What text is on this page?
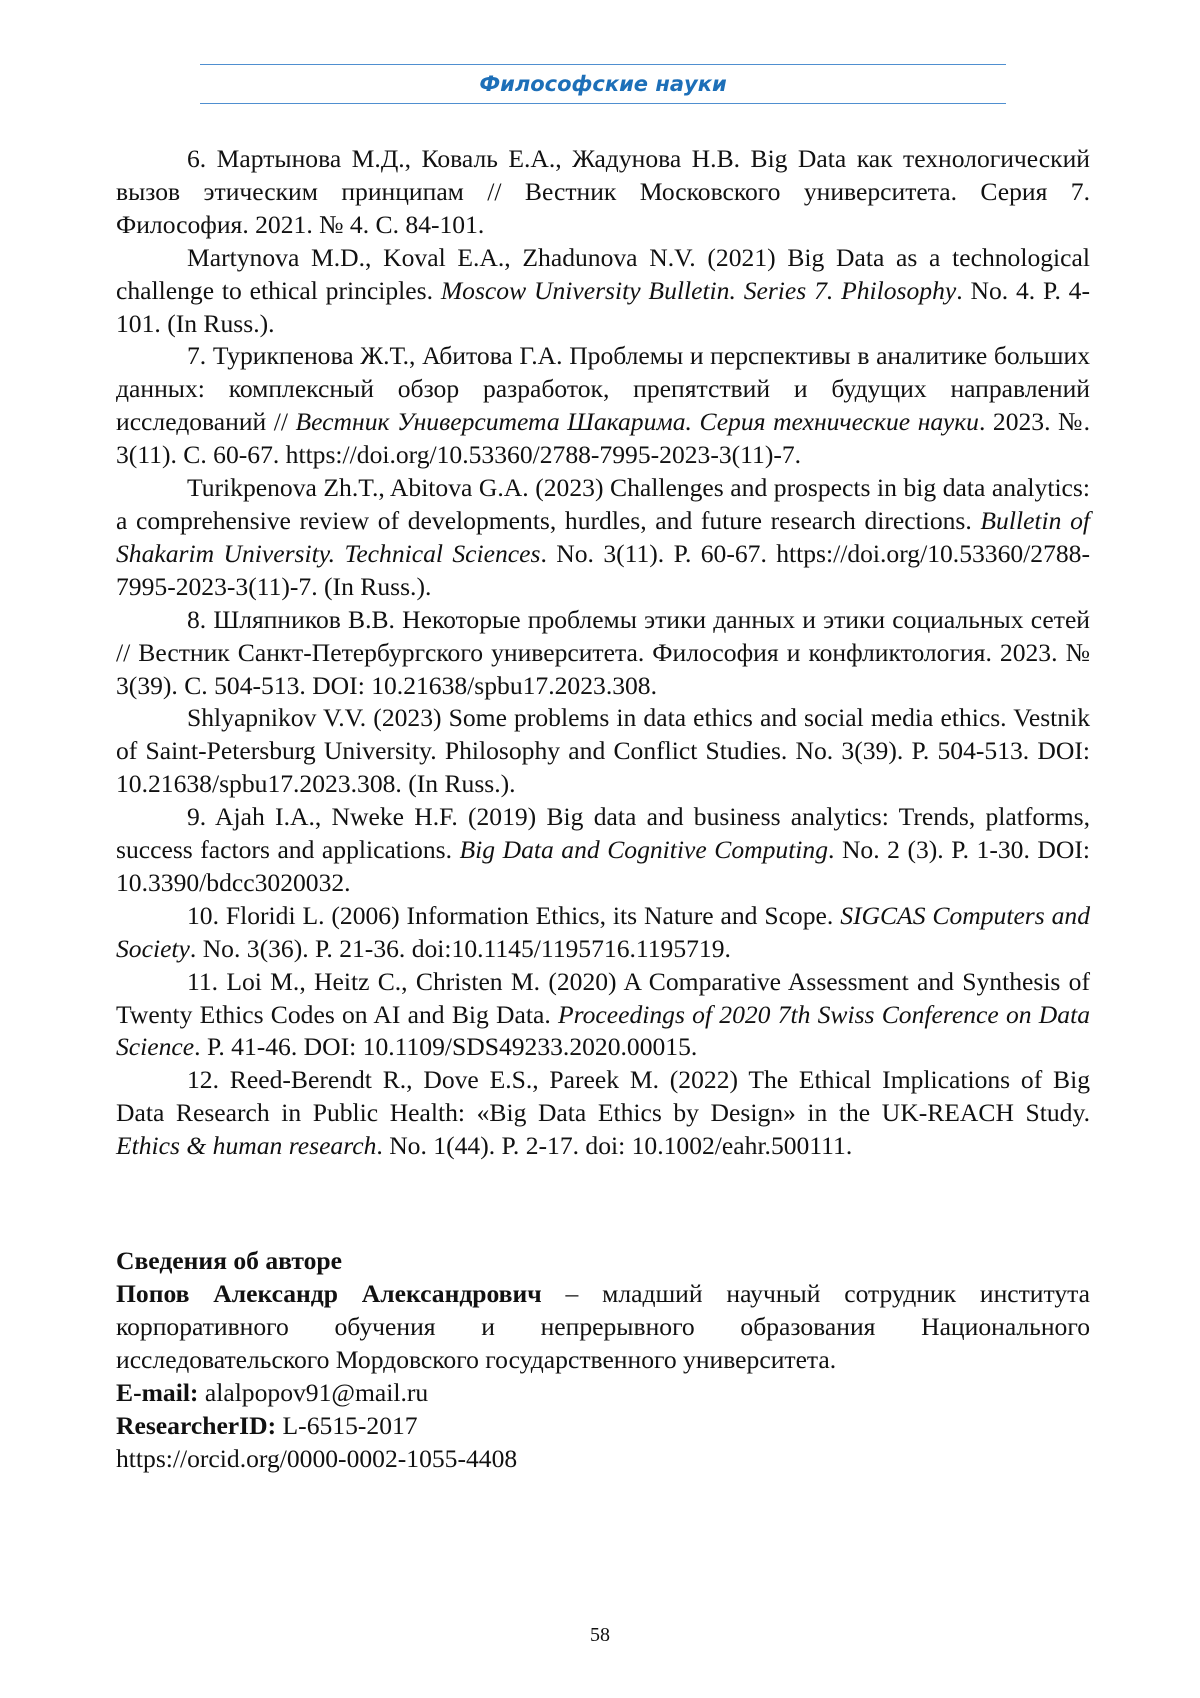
Философские науки

6. Мартынова М.Д., Коваль Е.А., Жадунова Н.В. Big Data как технологический вызов этическим принципам // Вестник Московского университета. Серия 7. Философия. 2021. № 4. С. 84-101.

Martynova M.D., Koval E.A., Zhadunova N.V. (2021) Big Data as a technological challenge to ethical principles. Moscow University Bulletin. Series 7. Philosophy. No. 4. P. 4-101. (In Russ.).

7. Турикпенова Ж.Т., Абитова Г.А. Проблемы и перспективы в аналитике больших данных: комплексный обзор разработок, препятствий и будущих направлений исследований // Вестник Университета Шакарима. Серия технические науки. 2023. №. 3(11). С. 60-67. https://doi.org/10.53360/2788-7995-2023-3(11)-7.

Turikpenova Zh.T., Abitova G.A. (2023) Challenges and prospects in big data analytics: a comprehensive review of developments, hurdles, and future research directions. Bulletin of Shakarim University. Technical Sciences. No. 3(11). P. 60-67. https://doi.org/10.53360/2788-7995-2023-3(11)-7. (In Russ.).

8. Шляпников В.В. Некоторые проблемы этики данных и этики социальных сетей // Вестник Санкт-Петербургского университета. Философия и конфликтология. 2023. № 3(39). С. 504-513. DOI: 10.21638/spbu17.2023.308.

Shlyapnikov V.V. (2023) Some problems in data ethics and social media ethics. Vestnik of Saint-Petersburg University. Philosophy and Conflict Studies. No. 3(39). P. 504-513. DOI: 10.21638/spbu17.2023.308. (In Russ.).

9. Ajah I.A., Nweke H.F. (2019) Big data and business analytics: Trends, platforms, success factors and applications. Big Data and Cognitive Computing. No. 2 (3). P. 1-30. DOI: 10.3390/bdcc3020032.

10. Floridi L. (2006) Information Ethics, its Nature and Scope. SIGCAS Computers and Society. No. 3(36). P. 21-36. doi:10.1145/1195716.1195719.

11. Loi M., Heitz C., Christen M. (2020) A Comparative Assessment and Synthesis of Twenty Ethics Codes on AI and Big Data. Proceedings of 2020 7th Swiss Conference on Data Science. P. 41-46. DOI: 10.1109/SDS49233.2020.00015.

12. Reed-Berendt R., Dove E.S., Pareek M. (2022) The Ethical Implications of Big Data Research in Public Health: «Big Data Ethics by Design» in the UK-REACH Study. Ethics & human research. No. 1(44). P. 2-17. doi: 10.1002/eahr.500111.

Сведения об авторе

Попов Александр Александрович – младший научный сотрудник института корпоративного обучения и непрерывного образования Национального исследовательского Мордовского государственного университета.

E-mail: alalpopov91@mail.ru

ResearcherID: L-6515-2017

https://orcid.org/0000-0002-1055-4408

58
